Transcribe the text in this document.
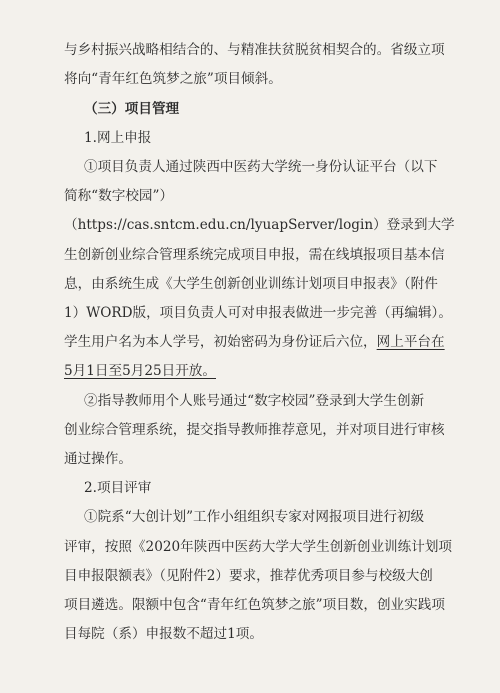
与乡村振兴战略相结合的、与精准扶贫脱贫相契合的。省级立项
将向“青年红色筑梦之旅”项目倾斜。
（三）项目管理
1.网上申报
①项目负责人通过陕西中医药大学统一身份认证平台（以下
简称“数字校园”）
（https://cas.sntcm.edu.cn/lyuapServer/login）登录到大学
生创新创业综合管理系统完成项目申报，需在线填报项目基本信
息，由系统生成《大学生创新创业训练计划项目申报表》（附件
1）WORD版，项目负责人可对申报表做进一步完善（再编辑）。
学生用户名为本人学号，初始密码为身份证后六位，网上平台在
5月1日至5月25日开放。
②指导教师用个人账号通过“数字校园”登录到大学生创新
创业综合管理系统，提交指导教师推荐意见，并对项目进行审核
通过操作。
2.项目评审
①院系“大创计划”工作小组组织专家对网报项目进行初级
评审，按照《2020年陕西中医药大学大学生创新创业训练计划项
目申报限额表》（见附件2）要求，推荐优秀项目参与校级大创
项目遴选。限额中包含“青年红色筑梦之旅”项目数，创业实践项
目每院（系）申报数不超过1项。
